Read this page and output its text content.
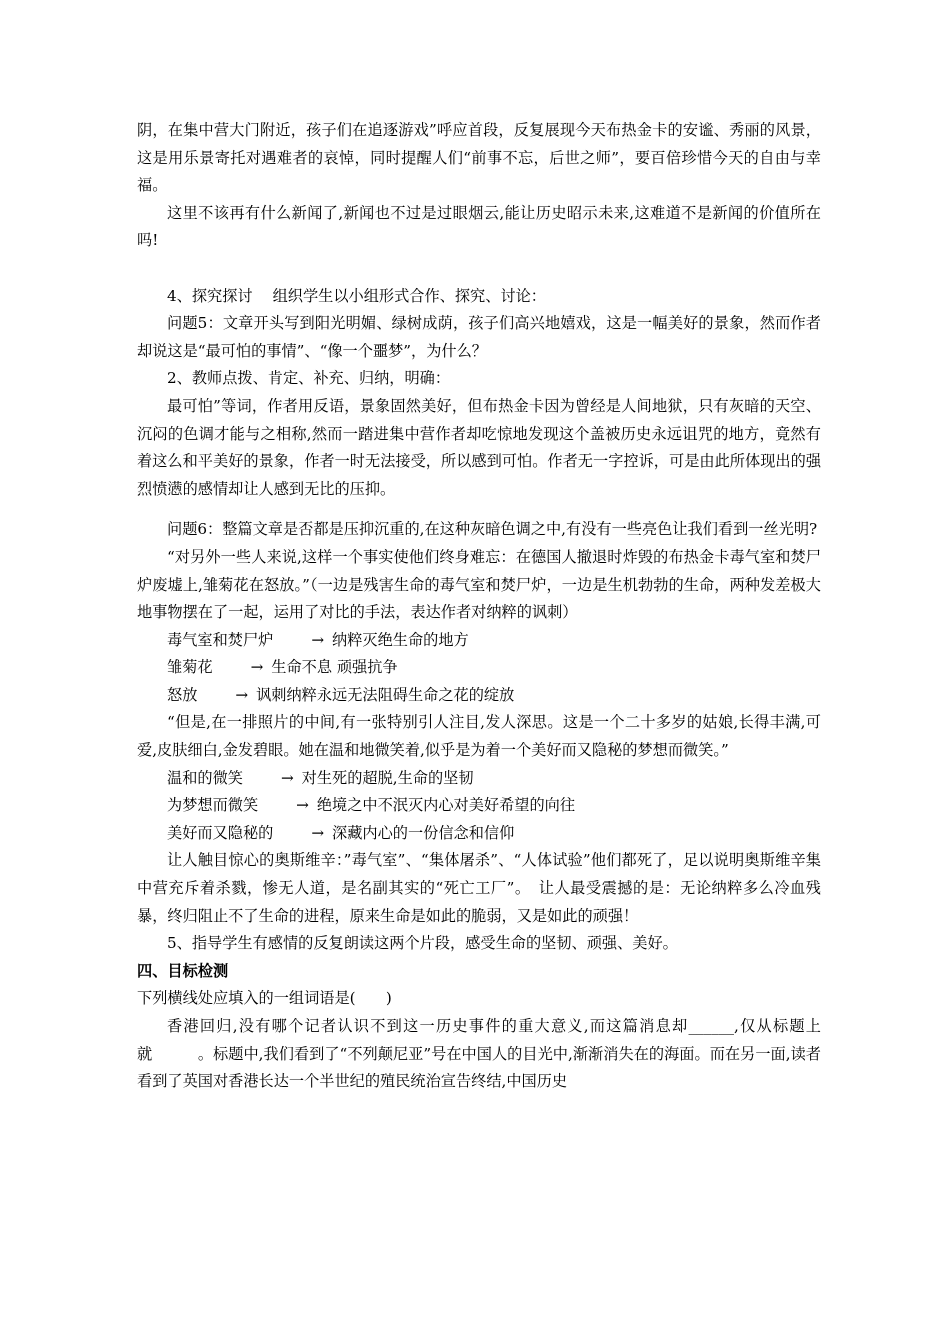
阴，在集中营大门附近，孩子们在追逐游戏”呼应首段，反复展现今天布热金卡的安谧、秀丽的风景，这是用乐景寄托对遇难者的哀悼，同时提醒人们“前事不忘，后世之师”，要百倍珍惜今天的自由与幸福。

这里不该再有什么新闻了,新闻也不过是过眼烟云,能让历史昭示未来,这难道不是新闻的价值所在吗!

4、探究探讨　 组织学生以小组形式合作、探究、讨论：

问题5：文章开头写到阳光明媚、绿树成荫，孩子们高兴地嬉戏，这是一幅美好的景象，然而作者却说这是“最可怕的事情”、“像一个噩梦”，为什么？

2、教师点拨、肯定、补充、归纳，明确：

最可怕”等词，作者用反语，景象固然美好，但布热金卡因为曾经是人间地狱，只有灰暗的天空、沉闷的色调才能与之相称,然而一踏进集中营作者却吃惊地发现这个盖被历史永远诅咒的地方，竟然有着这么和平美好的景象，作者一时无法接受，所以感到可怕。作者无一字控诉，可是由此所体现出的强烈愤懑的感情却让人感到无比的压抑。

问题6：整篇文章是否都是压抑沉重的,在这种灰暗色调之中,有没有一些亮色让我们看到一丝光明?

“对另外一些人来说,这样一个事实使他们终身难忘：在德国人撤退时炸毁的布热金卡毒气室和焚尸炉废墟上,雏菊花在怒放。”（一边是残害生命的毒气室和焚尸炉，一边是生机勃勃的生命，两种发差极大地事物摆在了一起，运用了对比的手法，表达作者对纳粹的讽刺）

毒气室和焚尸炉	→ 纳粹灭绝生命的地方

雏菊花	→ 生命不息 顽强抗争

怒放	→ 讽刺纳粹永远无法阻碍生命之花的绽放

“但是,在一排照片的中间,有一张特别引人注目,发人深思。这是一个二十多岁的姑娘,长得丰满,可爱,皮肤细白,金发碧眼。她在温和地微笑着,似乎是为着一个美好而又隐秘的梦想而微笑。”

温和的微笑	→ 对生死的超脱,生命的坚韧

为梦想而微笑	→ 绝境之中不泯灭内心对美好希望的向往

美好而又隐秘的	→ 深藏内心的一份信念和信仰

让人触目惊心的奥斯维辛：”毒气室”、“集体屠杀”、“人体试验”他们都死了，足以说明奥斯维辛集中营充斥着杀戮，惨无人道，是名副其实的“死亡工厂”。　让人最受震撼的是：无论纳粹多么冷血残暴，终归阻止不了生命的进程，原来生命是如此的脆弱，又是如此的顽强！

5、指导学生有感情的反复朗读这两个片段，感受生命的坚韧、顽强、美好。

四、目标检测

下列横线处应填入的一组词语是(　　)

香港回归,没有哪个记者认识不到这一历史事件的重大意义,而这篇消息却______,仅从标题上就　　　。标题中,我们看到了“不列颠尼亚”号在中国人的目光中,渐渐消失在的海面。而在另一面,读者看到了英国对香港长达一个半世纪的殖民统治宣告终结,中国历史
